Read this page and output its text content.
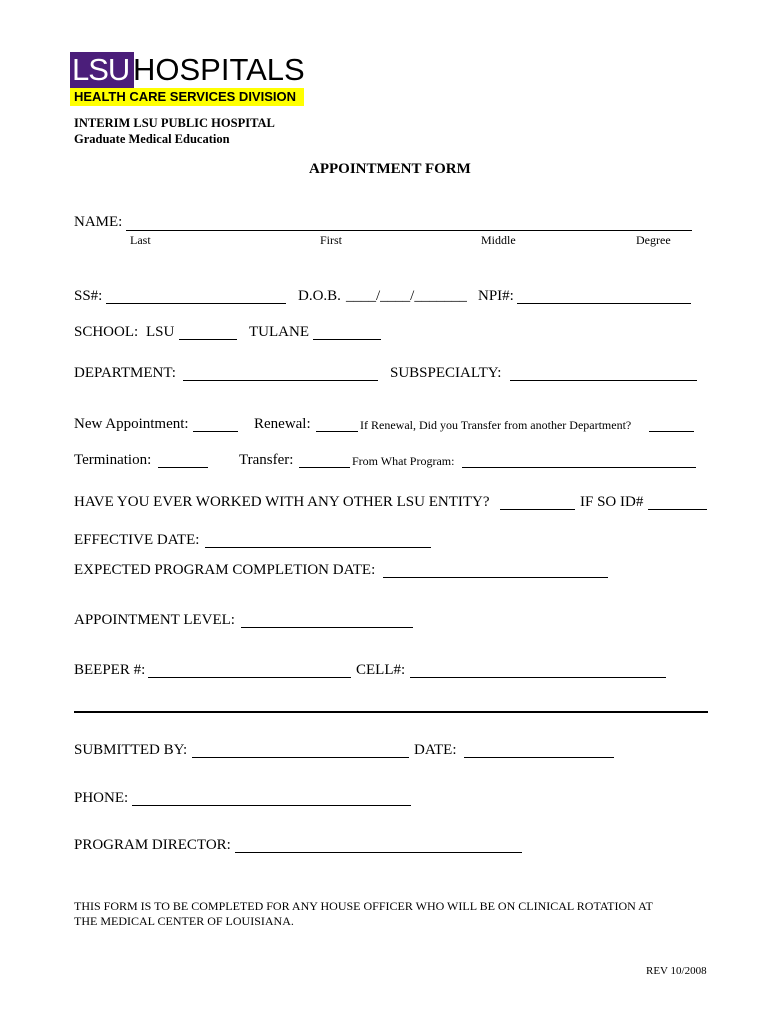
LSU HOSPITALS
HEALTH CARE SERVICES DIVISION
INTERIM LSU PUBLIC HOSPITAL
Graduate Medical Education
APPOINTMENT FORM
NAME:
Last	First	Middle	Degree
SS#:	D.O.B. ____/____/_______ NPI#:
SCHOOL: LSU	TULANE
DEPARTMENT:	SUBSPECIALTY:
New Appointment:	Renewal:	If Renewal, Did you Transfer from another Department?
Termination:	Transfer:	From What Program:
HAVE YOU EVER WORKED WITH ANY OTHER LSU ENTITY?	IF SO ID#
EFFECTIVE DATE:
EXPECTED PROGRAM COMPLETION DATE:
APPOINTMENT LEVEL:
BEEPER #:	CELL#:
SUBMITTED BY:	DATE:
PHONE:
PROGRAM DIRECTOR:
THIS FORM IS TO BE COMPLETED FOR ANY HOUSE OFFICER WHO WILL BE ON CLINICAL ROTATION AT
THE MEDICAL CENTER OF LOUISIANA.
REV 10/2008
